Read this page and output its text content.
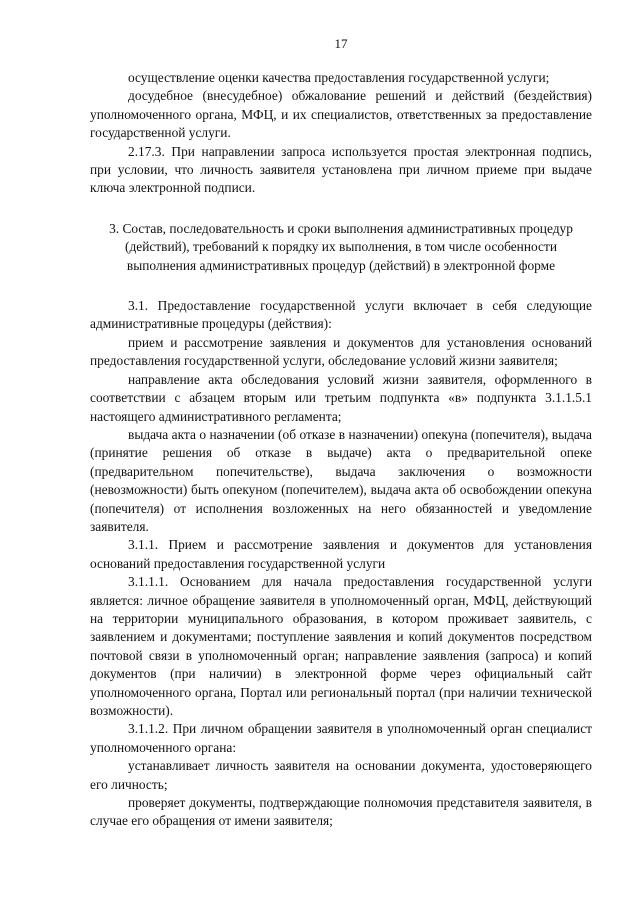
17

осуществление оценки качества предоставления государственной услуги;

досудебное (внесудебное) обжалование решений и действий (бездействия) уполномоченного органа, МФЦ, и их специалистов, ответственных за предоставление государственной услуги.

2.17.3. При направлении запроса используется простая электронная подпись, при условии, что личность заявителя установлена при личном приеме при выдаче ключа электронной подписи.

3. Состав, последовательность и сроки выполнения административных процедур (действий), требований к порядку их выполнения, в том числе особенности выполнения административных процедур (действий) в электронной форме

3.1. Предоставление государственной услуги включает в себя следующие административные процедуры (действия):

прием и рассмотрение заявления и документов для установления оснований предоставления государственной услуги, обследование условий жизни заявителя;

направление акта обследования условий жизни заявителя, оформленного в соответствии с абзацем вторым или третьим подпункта «в» подпункта 3.1.1.5.1 настоящего административного регламента;

выдача акта о назначении (об отказе в назначении) опекуна (попечителя), выдача (принятие решения об отказе в выдаче) акта о предварительной опеке (предварительном попечительстве), выдача заключения о возможности (невозможности) быть опекуном (попечителем), выдача акта об освобождении опекуна (попечителя) от исполнения возложенных на него обязанностей и уведомление заявителя.

3.1.1. Прием и рассмотрение заявления и документов для установления оснований предоставления государственной услуги

3.1.1.1. Основанием для начала предоставления государственной услуги является: личное обращение заявителя в уполномоченный орган, МФЦ, действующий на территории муниципального образования, в котором проживает заявитель, с заявлением и документами; поступление заявления и копий документов посредством почтовой связи в уполномоченный орган; направление заявления (запроса) и копий документов (при наличии) в электронной форме через официальный сайт уполномоченного органа, Портал или региональный портал (при наличии технической возможности).

3.1.1.2. При личном обращении заявителя в уполномоченный орган специалист уполномоченного органа:

устанавливает личность заявителя на основании документа, удостоверяющего его личность;

проверяет документы, подтверждающие полномочия представителя заявителя, в случае его обращения от имени заявителя;
